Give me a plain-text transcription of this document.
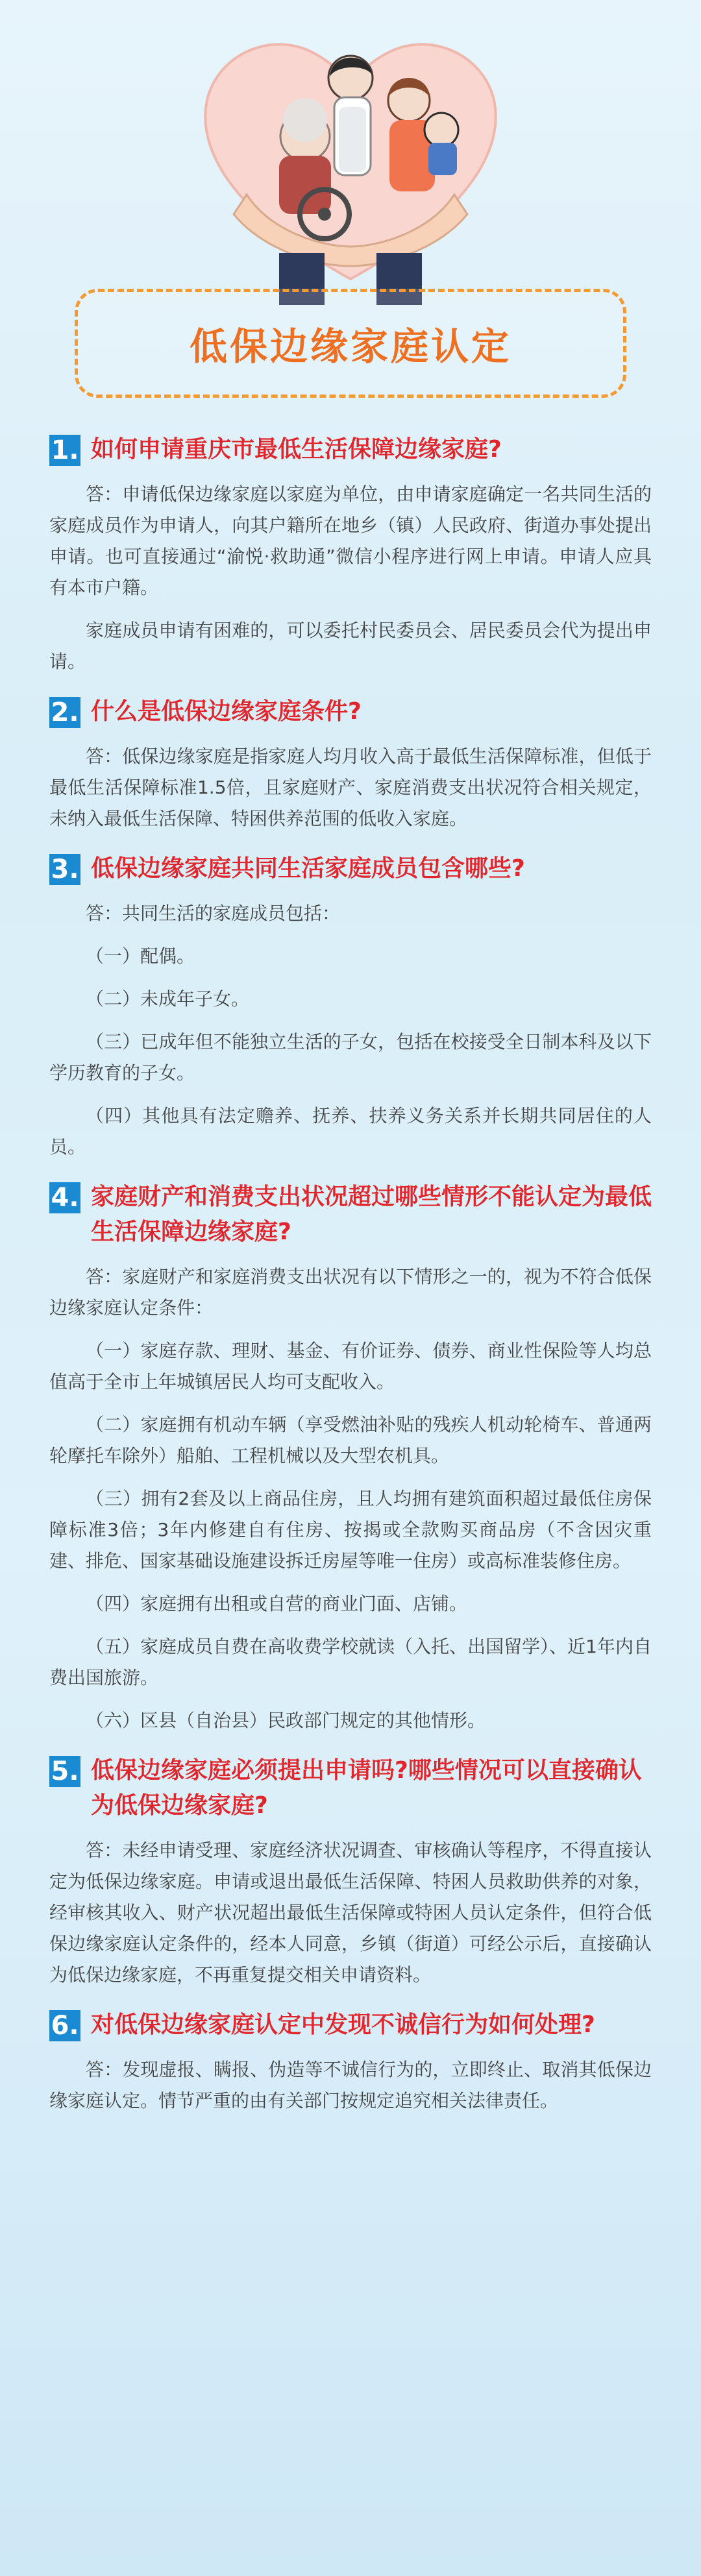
低保边缘家庭认定
1. 如何申请重庆市最低生活保障边缘家庭?

答：申请低保边缘家庭以家庭为单位，由申请家庭确定一名共同生活的家庭成员作为申请人，向其户籍所在地乡（镇）人民政府、街道办事处提出申请。也可直接通过“渝悦·救助通”微信小程序进行网上申请。申请人应具有本市户籍。

家庭成员申请有困难的，可以委托村民委员会、居民委员会代为提出申请。

2. 什么是低保边缘家庭条件?

答：低保边缘家庭是指家庭人均月收入高于最低生活保障标准，但低于最低生活保障标准1.5倍，且家庭财产、家庭消费支出状况符合相关规定，未纳入最低生活保障、特困供养范围的低收入家庭。

3. 低保边缘家庭共同生活家庭成员包含哪些?

答：共同生活的家庭成员包括：

（一）配偶。

（二）未成年子女。

（三）已成年但不能独立生活的子女，包括在校接受全日制本科及以下学历教育的子女。

（四）其他具有法定赡养、抚养、扶养义务关系并长期共同居住的人员。

4. 家庭财产和消费支出状况超过哪些情形不能认定为最低生活保障边缘家庭?

答：家庭财产和家庭消费支出状况有以下情形之一的，视为不符合低保边缘家庭认定条件：

（一）家庭存款、理财、基金、有价证券、债券、商业性保险等人均总值高于全市上年城镇居民人均可支配收入。

（二）家庭拥有机动车辆（享受燃油补贴的残疾人机动轮椅车、普通两轮摩托车除外）船舶、工程机械以及大型农机具。

（三）拥有2套及以上商品住房，且人均拥有建筑面积超过最低住房保障标准3倍；3年内修建自有住房、按揭或全款购买商品房（不含因灾重建、排危、国家基础设施建设拆迁房屋等唯一住房）或高标准装修住房。

（四）家庭拥有出租或自营的商业门面、店铺。

（五）家庭成员自费在高收费学校就读（入托、出国留学）、近1年内自费出国旅游。

（六）区县（自治县）民政部门规定的其他情形。

5. 低保边缘家庭必须提出申请吗?哪些情况可以直接确认为低保边缘家庭?

答：未经申请受理、家庭经济状况调查、审核确认等程序，不得直接认定为低保边缘家庭。申请或退出最低生活保障、特困人员救助供养的对象，经审核其收入、财产状况超出最低生活保障或特困人员认定条件，但符合低保边缘家庭认定条件的，经本人同意，乡镇（街道）可经公示后，直接确认为低保边缘家庭，不再重复提交相关申请资料。

6. 对低保边缘家庭认定中发现不诚信行为如何处理?

答：发现虚报、瞒报、伪造等不诚信行为的，立即终止、取消其低保边缘家庭认定。情节严重的由有关部门按规定追究相关法律责任。
